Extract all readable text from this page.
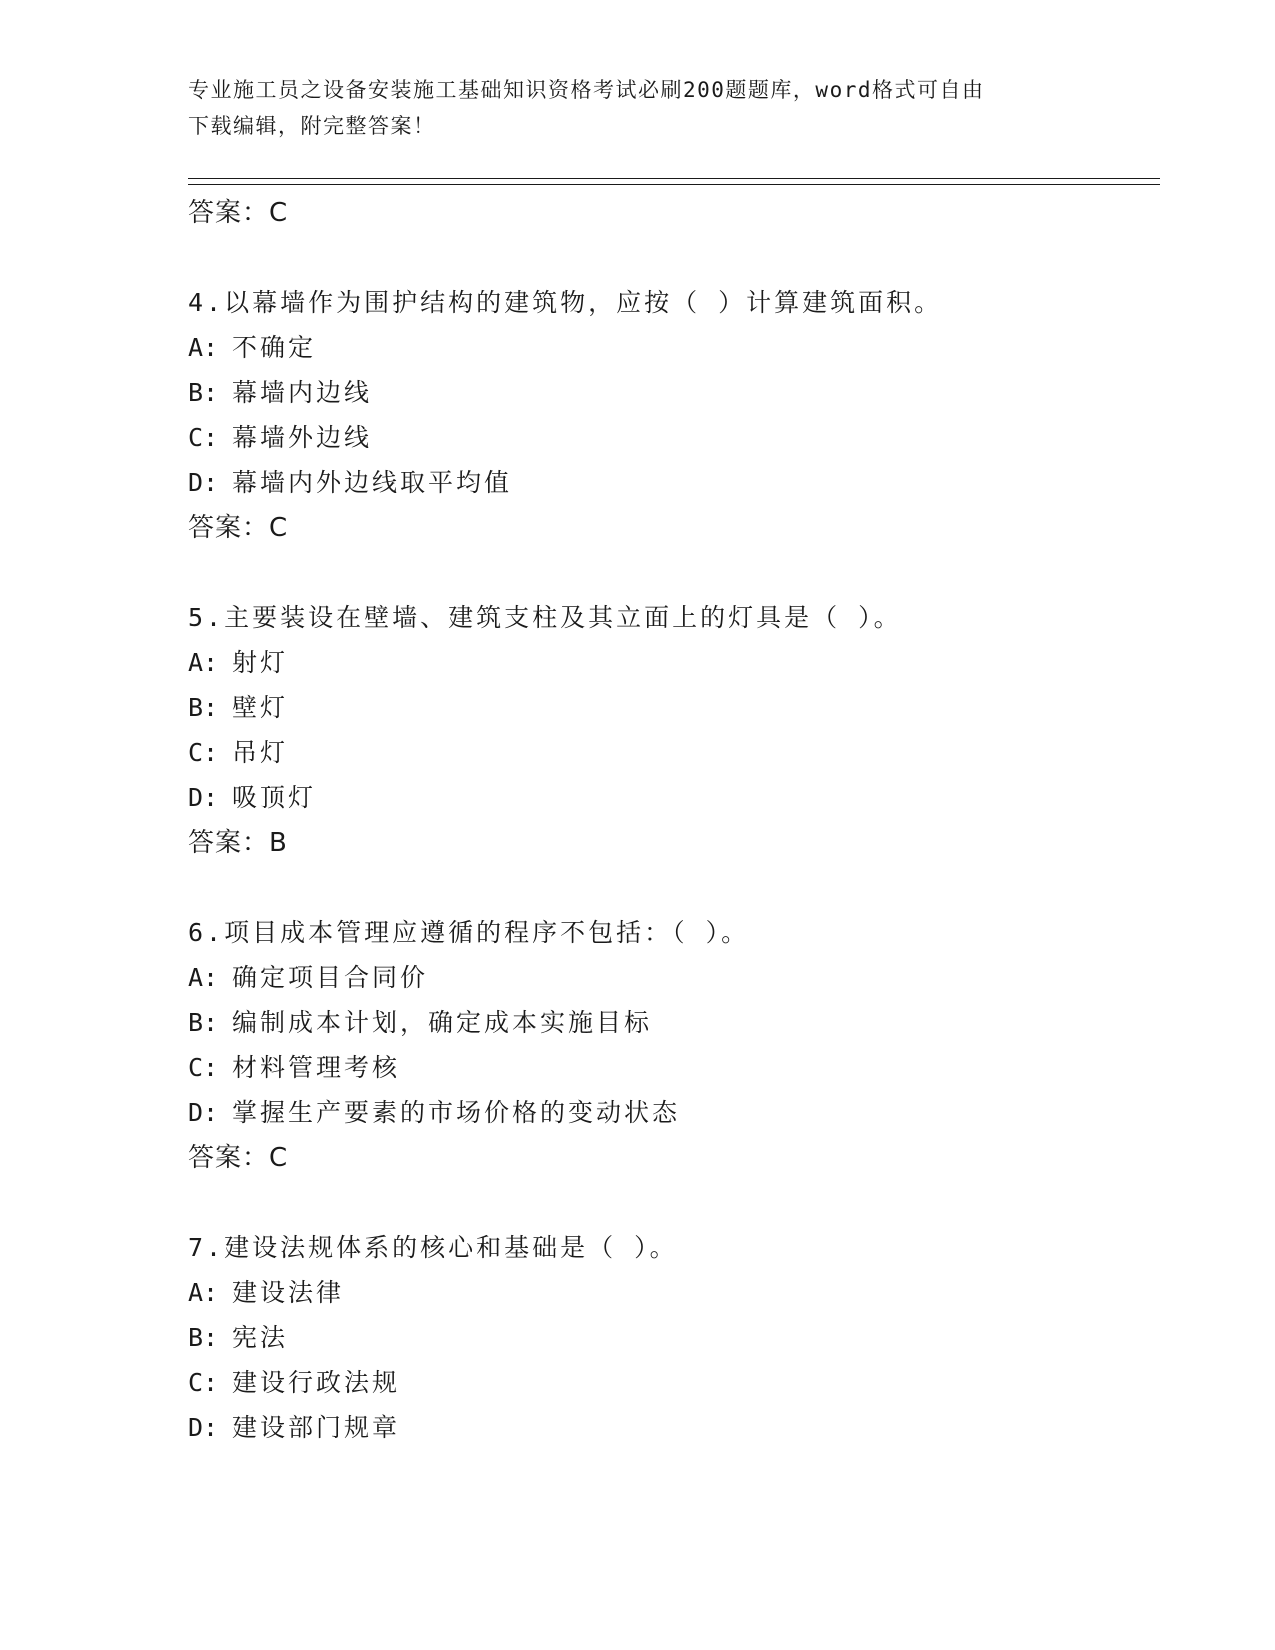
专业施工员之设备安装施工基础知识资格考试必刷200题题库，word格式可自由
下载编辑，附完整答案！
答案：C
4.以幕墙作为围护结构的建筑物，应按（ ）计算建筑面积。
A: 不确定
B: 幕墙内边线
C: 幕墙外边线
D: 幕墙内外边线取平均值
答案：C
5.主要装设在壁墙、建筑支柱及其立面上的灯具是（ ）。
A: 射灯
B: 壁灯
C: 吊灯
D: 吸顶灯
答案：B
6.项目成本管理应遵循的程序不包括：（ ）。
A: 确定项目合同价
B: 编制成本计划，确定成本实施目标
C: 材料管理考核
D: 掌握生产要素的市场价格的变动状态
答案：C
7.建设法规体系的核心和基础是（ ）。
A: 建设法律
B: 宪法
C: 建设行政法规
D: 建设部门规章
